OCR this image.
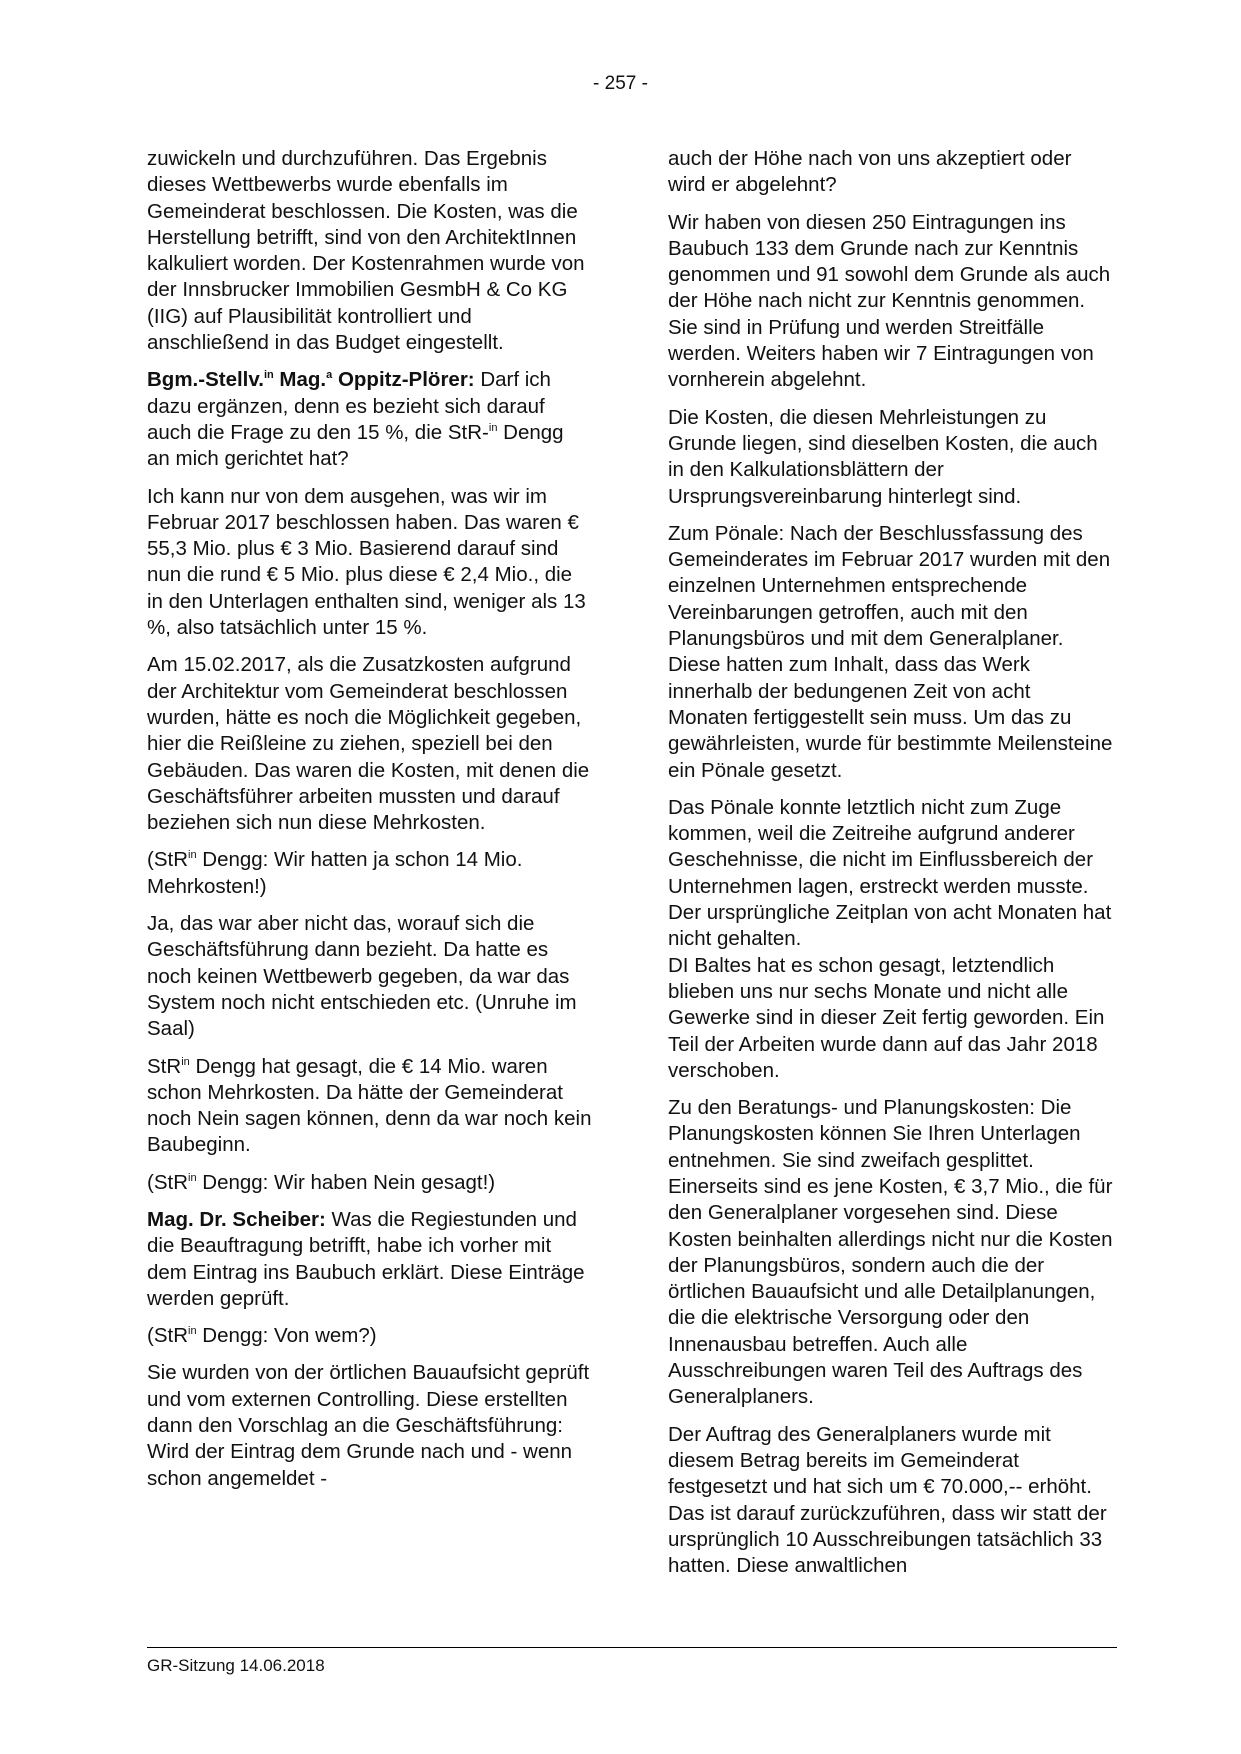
- 257 -

zuwickeln und durchzuführen. Das Ergebnis dieses Wettbewerbs wurde ebenfalls im Gemeinderat beschlossen. Die Kosten, was die Herstellung betrifft, sind von den ArchitektInnen kalkuliert worden. Der Kostenrahmen wurde von der Innsbrucker Immobilien GesmbH & Co KG (IIG) auf Plausibilität kontrolliert und anschließend in das Budget eingestellt.

Bgm.-Stellv.$^{in}$ Mag.$^a$ Oppitz-Plörer: Darf ich dazu ergänzen, denn es bezieht sich darauf auch die Frage zu den 15 %, die StR-$^{in}$ Dengg an mich gerichtet hat?

Ich kann nur von dem ausgehen, was wir im Februar 2017 beschlossen haben. Das waren € 55,3 Mio. plus € 3 Mio. Basierend darauf sind nun die rund € 5 Mio. plus diese € 2,4 Mio., die in den Unterlagen enthalten sind, weniger als 13 %, also tatsächlich unter 15 %.

Am 15.02.2017, als die Zusatzkosten aufgrund der Architektur vom Gemeinderat beschlossen wurden, hätte es noch die Möglichkeit gegeben, hier die Reißleine zu ziehen, speziell bei den Gebäuden. Das waren die Kosten, mit denen die Geschäftsführer arbeiten mussten und darauf beziehen sich nun diese Mehrkosten.

(StR$^{in}$ Dengg: Wir hatten ja schon 14 Mio. Mehrkosten!)

Ja, das war aber nicht das, worauf sich die Geschäftsführung dann bezieht. Da hatte es noch keinen Wettbewerb gegeben, da war das System noch nicht entschieden etc. (Unruhe im Saal)

StR$^{in}$ Dengg hat gesagt, die € 14 Mio. waren schon Mehrkosten. Da hätte der Gemeinderat noch Nein sagen können, denn da war noch kein Baubeginn.

(StR$^{in}$ Dengg: Wir haben Nein gesagt!)

Mag. Dr. Scheiber: Was die Regiestunden und die Beauftragung betrifft, habe ich vorher mit dem Eintrag ins Baubuch erklärt. Diese Einträge werden geprüft.

(StR$^{in}$ Dengg: Von wem?)

Sie wurden von der örtlichen Bauaufsicht geprüft und vom externen Controlling. Diese erstellten dann den Vorschlag an die Geschäftsführung: Wird der Eintrag dem Grunde nach und - wenn schon angemeldet -

auch der Höhe nach von uns akzeptiert oder wird er abgelehnt?

Wir haben von diesen 250 Eintragungen ins Baubuch 133 dem Grunde nach zur Kenntnis genommen und 91 sowohl dem Grunde als auch der Höhe nach nicht zur Kenntnis genommen. Sie sind in Prüfung und werden Streitfälle werden. Weiters haben wir 7 Eintragungen von vornherein abgelehnt.

Die Kosten, die diesen Mehrleistungen zu Grunde liegen, sind dieselben Kosten, die auch in den Kalkulationsblättern der Ursprungsvereinbarung hinterlegt sind.

Zum Pönale: Nach der Beschlussfassung des Gemeinderates im Februar 2017 wurden mit den einzelnen Unternehmen entsprechende Vereinbarungen getroffen, auch mit den Planungsbüros und mit dem Generalplaner. Diese hatten zum Inhalt, dass das Werk innerhalb der bedungenen Zeit von acht Monaten fertiggestellt sein muss. Um das zu gewährleisten, wurde für bestimmte Meilensteine ein Pönale gesetzt.

Das Pönale konnte letztlich nicht zum Zuge kommen, weil die Zeitreihe aufgrund anderer Geschehnisse, die nicht im Einflussbereich der Unternehmen lagen, erstreckt werden musste. Der ursprüngliche Zeitplan von acht Monaten hat nicht gehalten.

DI Baltes hat es schon gesagt, letztendlich blieben uns nur sechs Monate und nicht alle Gewerke sind in dieser Zeit fertig geworden. Ein Teil der Arbeiten wurde dann auf das Jahr 2018 verschoben.

Zu den Beratungs- und Planungskosten: Die Planungskosten können Sie Ihren Unterlagen entnehmen. Sie sind zweifach gesplittet. Einerseits sind es jene Kosten, € 3,7 Mio., die für den Generalplaner vorgesehen sind. Diese Kosten beinhalten allerdings nicht nur die Kosten der Planungsbüros, sondern auch die der örtlichen Bauaufsicht und alle Detailplanungen, die die elektrische Versorgung oder den Innenausbau betreffen. Auch alle Ausschreibungen waren Teil des Auftrags des Generalplaners.

Der Auftrag des Generalplaners wurde mit diesem Betrag bereits im Gemeinderat festgesetzt und hat sich um € 70.000,-- erhöht. Das ist darauf zurückzuführen, dass wir statt der ursprünglich 10 Ausschreibungen tatsächlich 33 hatten. Diese anwaltlichen

GR-Sitzung 14.06.2018
